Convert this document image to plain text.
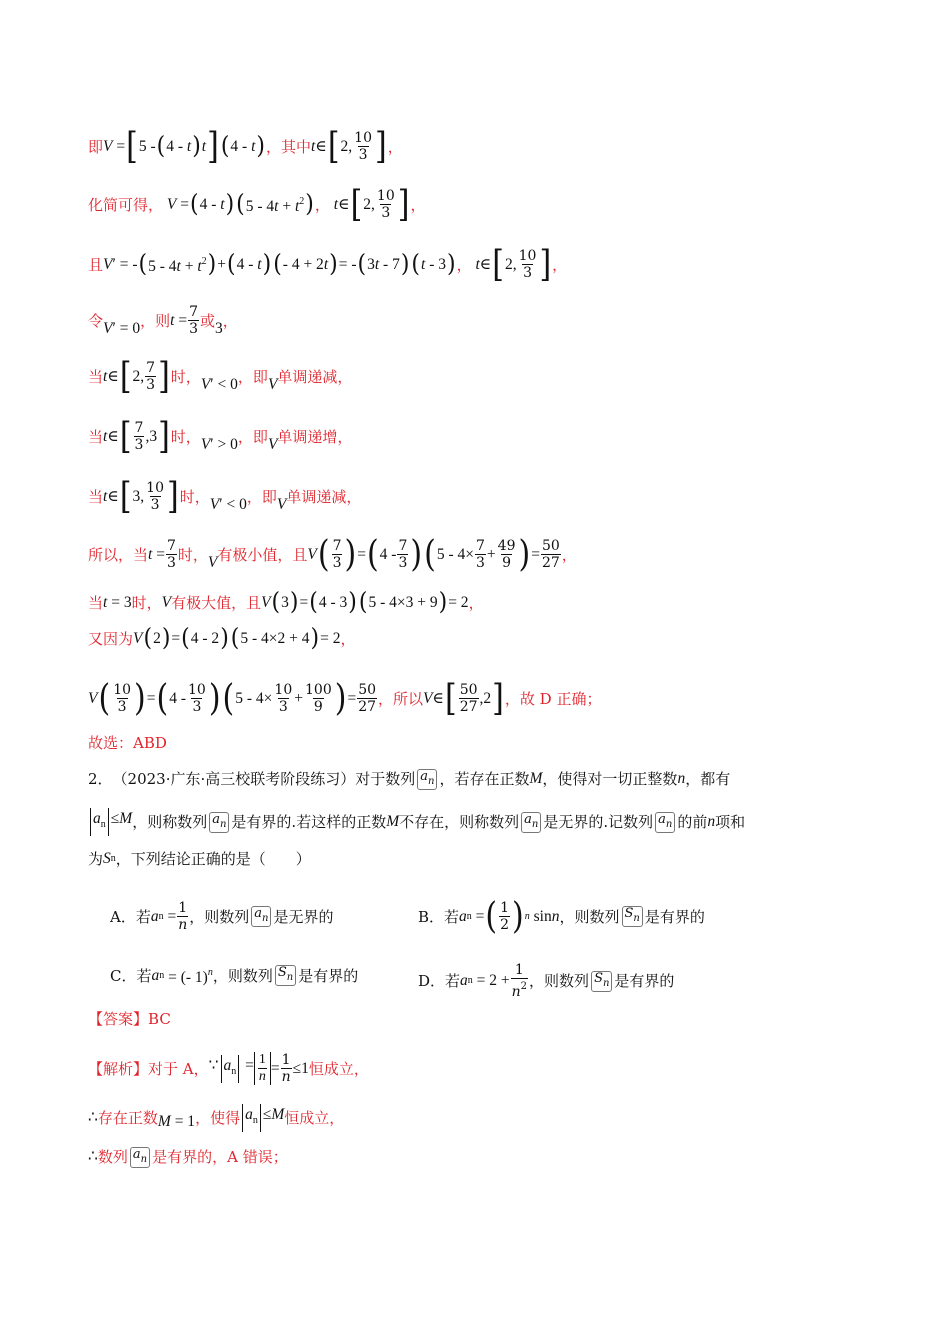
即 V = [ 5 - ( 4 - t ) t ] ( 4 - t ) ，其中 t ∈ [ 2, $\frac{10}{3}$ ] ，
化简可得， V = ( 4 - t ) ( $5 - 4t + t^2$ ) ， t ∈ [ 2, $\frac{10}{3}$ ] ，
且 V ′ = - ( $5 - 4t + t^2$ ) + ( 4 - t ) ( - 4 + 2t ) = - ( 3t - 7 ) ( t - 3 ) ， t ∈ [ 2, $\frac{10}{3}$ ] ，
令 V ′ = 0 ，则 $t = \frac{7}{3}$ 或 3 ，
当 t ∈ [ 2, $\frac{7}{3}$ ] 时， V′ < 0 ，即 V 单调递减，
当 t ∈ [ $\frac{7}{3} ,3$ ] 时， V′ > 0 ，即 V 单调递增，
当 t ∈ [ 3, $\frac{10}{3}$ ] 时， V′ < 0 ，即 V 单调递减，
所以，当 $t = \frac{7}{3}$ 时， V 有极小值，且 V ( $\frac{7}{3}$ ) = ( $4 - \frac{7}{3}$ ) ( $5 - 4\times \frac{7}{3} + \frac{49}{9}$ ) = $\frac{50}{27}$ ，
当 t = 3 时， V 有极大值，且 V ( 3 ) = ( 4 - 3 ) ( 5 - 4×3 + 9 ) = 2 ，
又因为 V ( 2 ) = ( 4 - 2 ) ( 5 - 4×2 + 4 ) = 2 ，
V ( $\frac{10}{3}$ ) = ( $4 - \frac{10}{3}$ ) ( $5 - 4\times \frac{10}{3} + \frac{100}{9}$ ) = $\frac{50}{27}$ ，所以 V ∈ [ $\frac{50}{27} ,2$ ] ，故 D 正确；
故选：ABD
2． （2023·广东·高三校联考阶段练习）对于数列 $a_n$ ，若存在正数 M ，使得对一切正整数 n ，都有
$a_n \le M$ ，则称数列 $a_n$ 是有界的.若这样的正数 M 不存在，则称数列 $a_n$ 是无界的.记数列 $a_n$ 的前 n 项和
为 S n ，下列结论正确的是（　　）
A．若 a $n = \frac{1}{n}$ ，则数列 $a_n$ 是无界的	B．若 a n = ( $\frac{1}{2}$ ) n sinn ，则数列 $S_n$ 是有界的
C．若 a n = (- 1)$^n$ ，则数列 $S_n$ 是有界的	D．若 a $n = 2 + \frac{1}{n^2}$ ，则数列 $S_n$ 是有界的
【答案】 BC
【解析】 对于 A， ∵ $a_n = \frac{1}{n} = \frac{1}{n} \le 1$ 恒成立，
∴ 存在正数 M = 1 ，使得 $a_n \le M$ 恒成立，
∴ 数列 $a_n$ 是有界的，A 错误；
